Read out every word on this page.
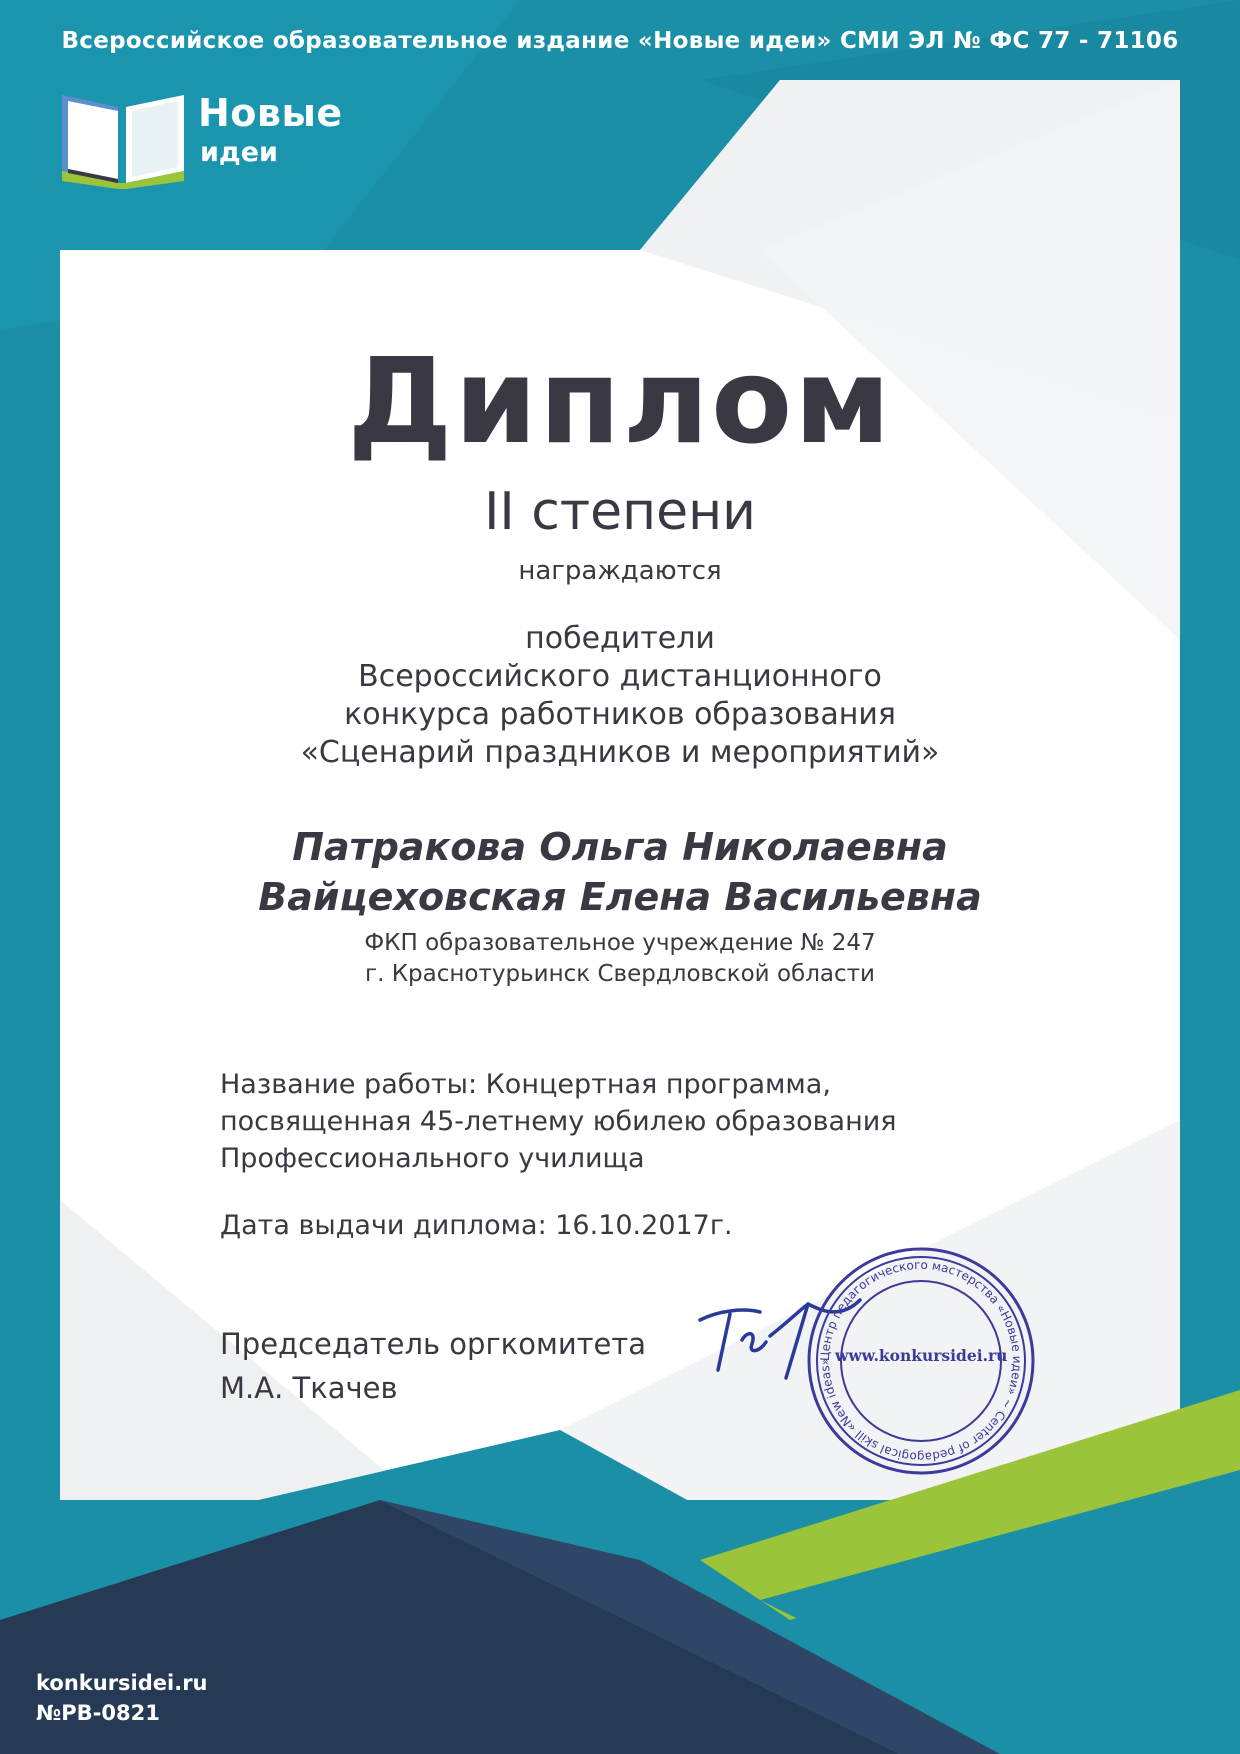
Всероссийское образовательное издание «Новые идеи» СМИ ЭЛ № ФС 77 - 71106
Новые
идеи
Диплом
II степени
награждаются
победители
Всероссийского дистанционного
конкурса работников образования
«Сценарий праздников и мероприятий»
Патракова Ольга Николаевна
Вайцеховская Елена Васильевна
ФКП образовательное учреждение № 247
г. Краснотурьинск Свердловской области
Название работы: Концертная программа,
посвященная 45-летнему юбилею образования
Профессионального училища
Дата выдачи диплома: 16.10.2017г.
Председатель оргкомитета
М.А. Ткачев
Центр педагогического мастерства «Новые идеи» ~ Center of pedagogical skill «New ideas» www.konkursidei.ru
konkursidei.ru
№PB-0821
